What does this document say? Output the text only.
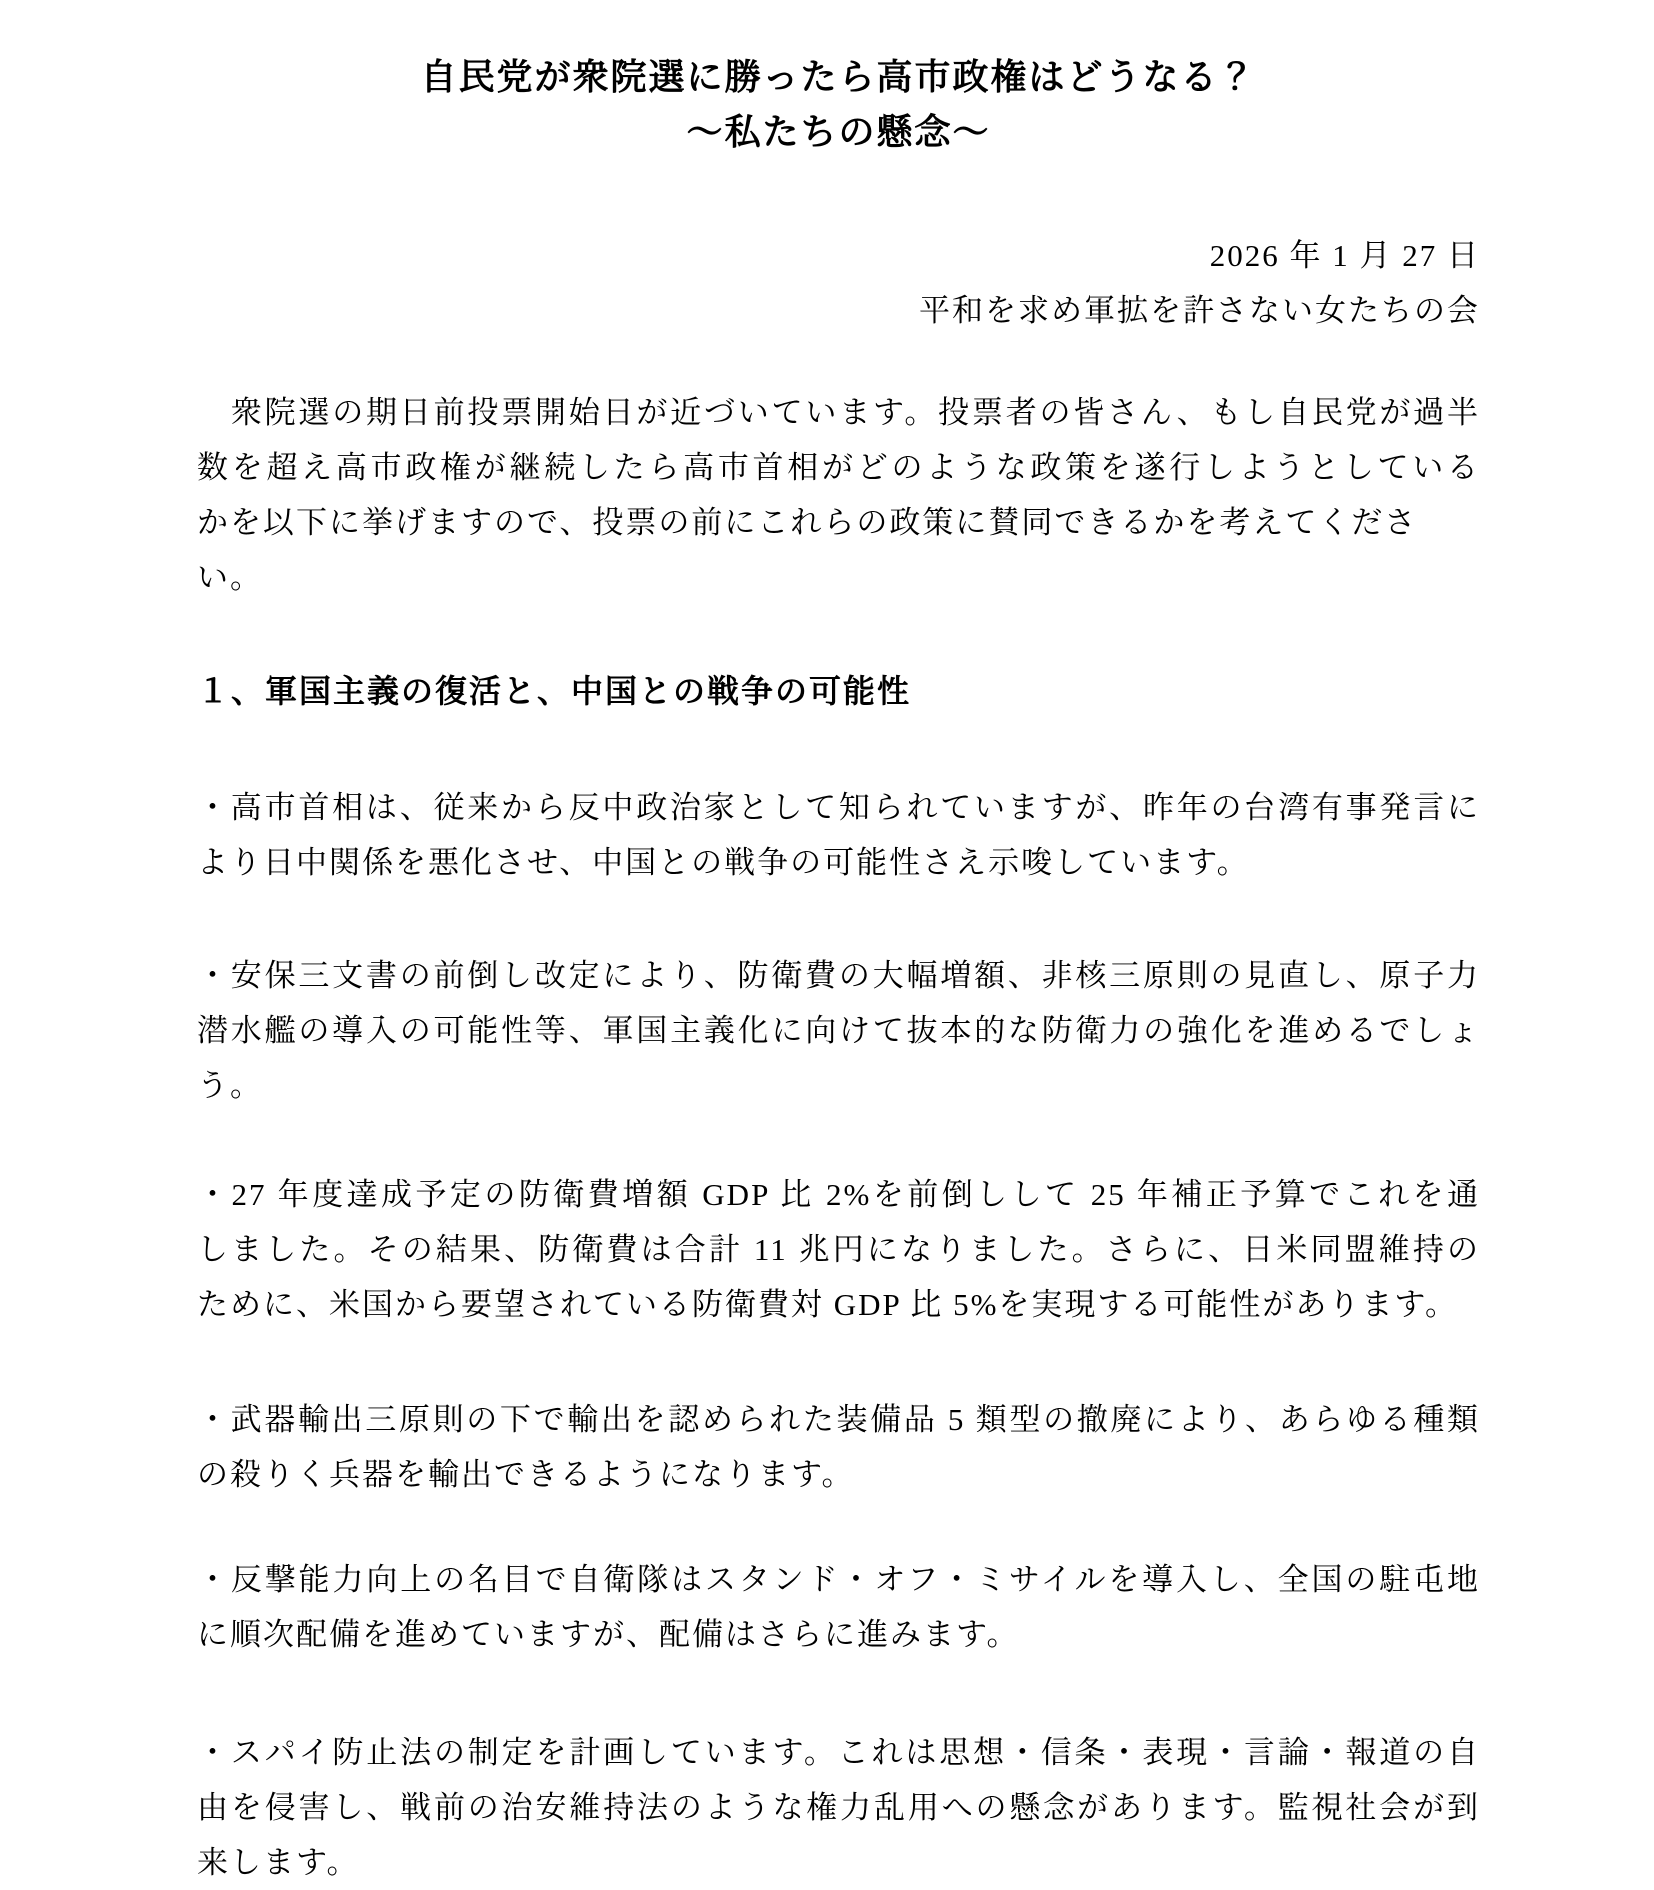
自民党が衆院選に勝ったら高市政権はどうなる？
～私たちの懸念～
2026 年 1 月 27 日
平和を求め軍拡を許さない女たちの会
　衆院選の期日前投票開始日が近づいています。投票者の皆さん、もし自民党が過半
数を超え高市政権が継続したら高市首相がどのような政策を遂行しようとしている
かを以下に挙げますので、投票の前にこれらの政策に賛同できるかを考えてください。
１、軍国主義の復活と、中国との戦争の可能性
・高市首相は、従来から反中政治家として知られていますが、昨年の台湾有事発言に
より日中関係を悪化させ、中国との戦争の可能性さえ示唆しています。
・安保三文書の前倒し改定により、防衛費の大幅増額、非核三原則の見直し、原子力
潜水艦の導入の可能性等、軍国主義化に向けて抜本的な防衛力の強化を進めるでしょ
う。
・27 年度達成予定の防衛費増額 GDP 比 2%を前倒しして 25 年補正予算でこれを通
しました。その結果、防衛費は合計 11 兆円になりました。さらに、日米同盟維持の
ために、米国から要望されている防衛費対 GDP 比 5%を実現する可能性があります。
・武器輸出三原則の下で輸出を認められた装備品 5 類型の撤廃により、あらゆる種類
の殺りく兵器を輸出できるようになります。
・反撃能力向上の名目で自衛隊はスタンド・オフ・ミサイルを導入し、全国の駐屯地
に順次配備を進めていますが、配備はさらに進みます。
・スパイ防止法の制定を計画しています。これは思想・信条・表現・言論・報道の自
由を侵害し、戦前の治安維持法のような権力乱用への懸念があります。監視社会が到
来します。
